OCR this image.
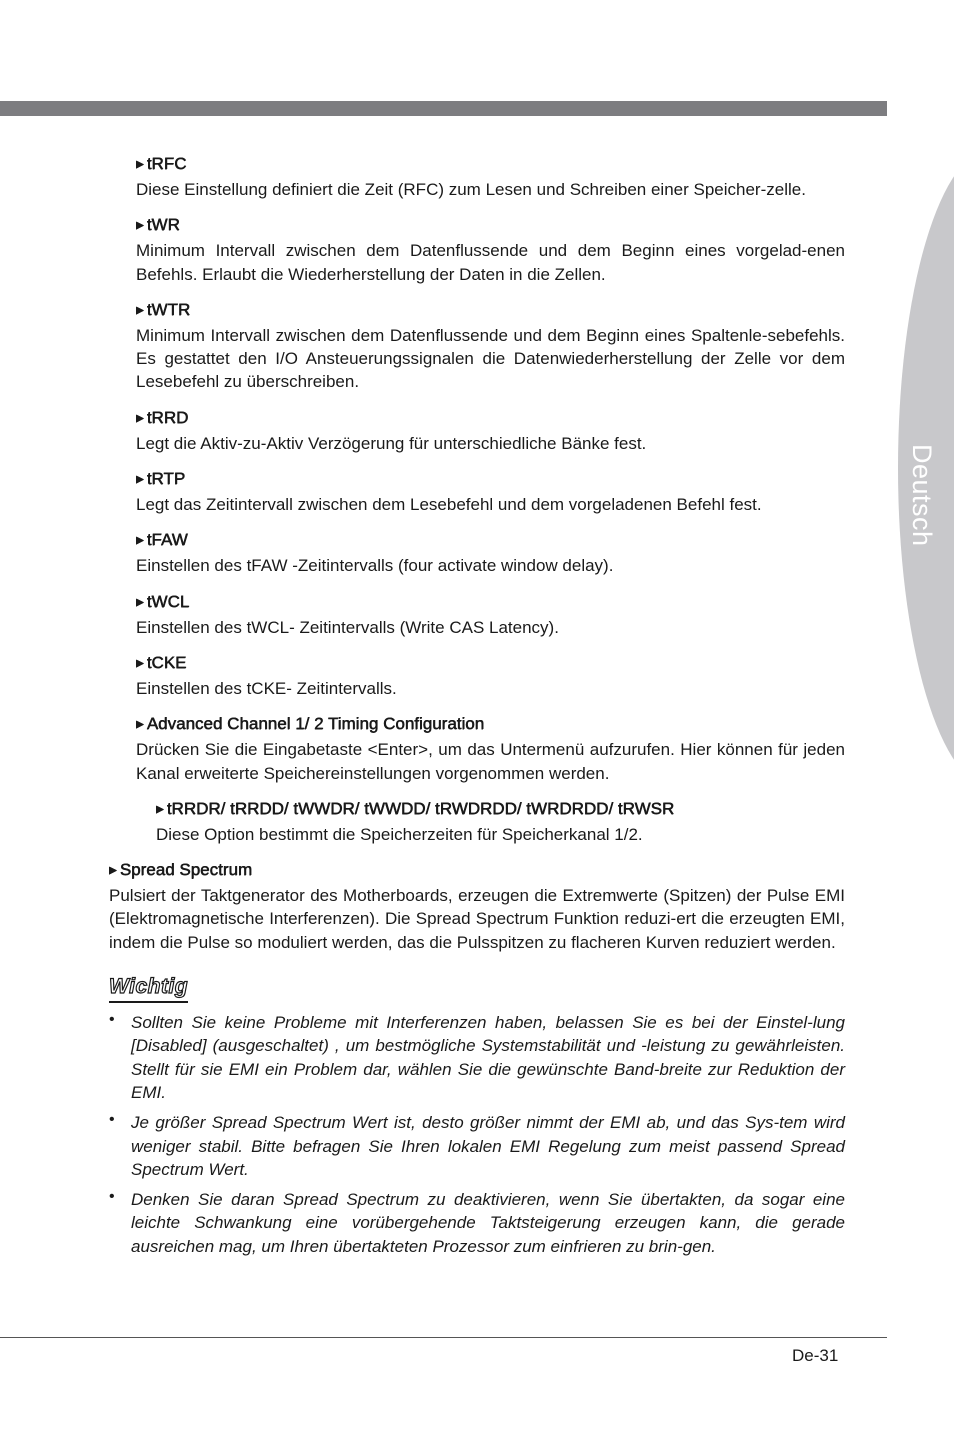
Deutsch
▶ tRFC

Diese Einstellung definiert die Zeit (RFC) zum Lesen und Schreiben einer Speicher-zelle.

▶ tWR

Minimum Intervall zwischen dem Datenflussende und dem Beginn eines vorgelad-enen Befehls. Erlaubt die Wiederherstellung der Daten in die Zellen.

▶ tWTR

Minimum Intervall zwischen dem Datenflussende und dem Beginn eines Spaltenle-sebefehls. Es gestattet den I/O Ansteuerungssignalen die Datenwiederherstellung der Zelle vor dem Lesebefehl zu überschreiben.

▶ tRRD

Legt die Aktiv-zu-Aktiv Verzögerung für unterschiedliche Bänke fest.

▶ tRTP

Legt das Zeitintervall zwischen dem Lesebefehl und dem vorgeladenen Befehl fest.

▶ tFAW

Einstellen des tFAW -Zeitintervalls (four activate window delay).

▶ tWCL

Einstellen des tWCL- Zeitintervalls (Write CAS Latency).

▶ tCKE

Einstellen des tCKE- Zeitintervalls.

▶ Advanced Channel 1/ 2 Timing Configuration

Drücken Sie die Eingabetaste <Enter>, um das Untermenü aufzurufen. Hier können für jeden Kanal erweiterte Speichereinstellungen vorgenommen werden.

▶ tRRDR/ tRRDD/ tWWDR/ tWWDD/ tRWDRDD/ tWRDRDD/ tRWSR

Diese Option bestimmt die Speicherzeiten für Speicherkanal 1/2.

▶ Spread Spectrum

Pulsiert der Taktgenerator des Motherboards, erzeugen die Extremwerte (Spitzen) der Pulse EMI (Elektromagnetische Interferenzen). Die Spread Spectrum Funktion reduzi-ert die erzeugten EMI, indem die Pulse so moduliert werden, das die Pulsspitzen zu flacheren Kurven reduziert werden.

Wichtig
• Sollten Sie keine Probleme mit Interferenzen haben, belassen Sie es bei der Einstel-lung [Disabled] (ausgeschaltet) , um bestmögliche Systemstabilität und -leistung zu gewährleisten. Stellt für sie EMI ein Problem dar, wählen Sie die gewünschte Band-breite zur Reduktion der EMI.

• Je größer Spread Spectrum Wert ist, desto größer nimmt der EMI ab, und das Sys-tem wird weniger stabil. Bitte befragen Sie Ihren lokalen EMI Regelung zum meist passend Spread Spectrum Wert.

• Denken Sie daran Spread Spectrum zu deaktivieren, wenn Sie übertakten, da sogar eine leichte Schwankung eine vorübergehende Taktsteigerung erzeugen kann, die gerade ausreichen mag, um Ihren übertakteten Prozessor zum einfrieren zu brin-gen.

De-31
